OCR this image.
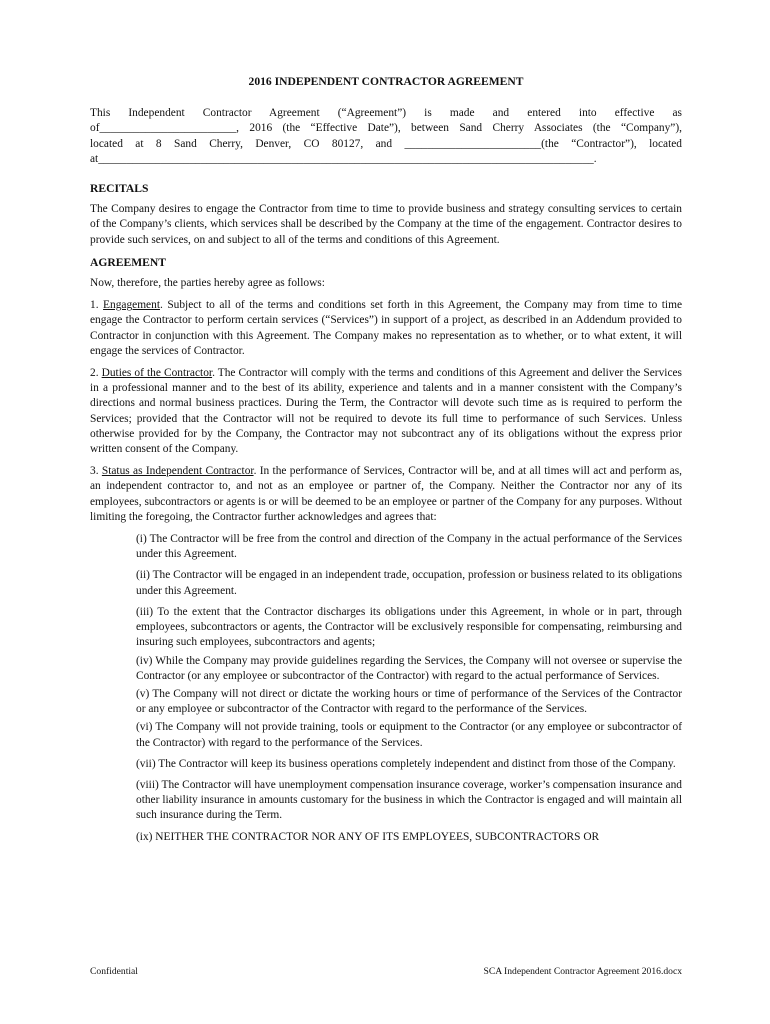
2016 INDEPENDENT CONTRACTOR AGREEMENT

This Independent Contractor Agreement (“Agreement”) is made and entered into effective as
of________________________, 2016 (the “Effective Date”), between Sand Cherry Associates (the “Company”),
located at 8 Sand Cherry, Denver, CO 80127, and ________________________(the “Contractor”), located
at_______________________________________________________________________________________.

RECITALS

The Company desires to engage the Contractor from time to time to provide business and strategy consulting services to certain of the Company’s clients, which services shall be described by the Company at the time of the engagement. Contractor desires to provide such services, on and subject to all of the terms and conditions of this Agreement.

AGREEMENT

Now, therefore, the parties hereby agree as follows:

1. Engagement. Subject to all of the terms and conditions set forth in this Agreement, the Company may from time to time engage the Contractor to perform certain services (“Services”) in support of a project, as described in an Addendum provided to Contractor in conjunction with this Agreement. The Company makes no representation as to whether, or to what extent, it will engage the services of Contractor.

2. Duties of the Contractor. The Contractor will comply with the terms and conditions of this Agreement and deliver the Services in a professional manner and to the best of its ability, experience and talents and in a manner consistent with the Company’s directions and normal business practices. During the Term, the Contractor will devote such time as is required to perform the Services; provided that the Contractor will not be required to devote its full time to performance of such Services. Unless otherwise provided for by the Company, the Contractor may not subcontract any of its obligations without the express prior written consent of the Company.

3. Status as Independent Contractor. In the performance of Services, Contractor will be, and at all times will act and perform as, an independent contractor to, and not as an employee or partner of, the Company. Neither the Contractor nor any of its employees, subcontractors or agents is or will be deemed to be an employee or partner of the Company for any purposes. Without limiting the foregoing, the Contractor further acknowledges and agrees that:

(i) The Contractor will be free from the control and direction of the Company in the actual performance of the Services under this Agreement.

(ii) The Contractor will be engaged in an independent trade, occupation, profession or business related to its obligations under this Agreement.

(iii) To the extent that the Contractor discharges its obligations under this Agreement, in whole or in part, through employees, subcontractors or agents, the Contractor will be exclusively responsible for compensating, reimbursing and insuring such employees, subcontractors and agents;

(iv) While the Company may provide guidelines regarding the Services, the Company will not oversee or supervise the Contractor (or any employee or subcontractor of the Contractor) with regard to the actual performance of Services.

(v) The Company will not direct or dictate the working hours or time of performance of the Services of the Contractor or any employee or subcontractor of the Contractor with regard to the performance of the Services.

(vi) The Company will not provide training, tools or equipment to the Contractor (or any employee or subcontractor of the Contractor) with regard to the performance of the Services.

(vii) The Contractor will keep its business operations completely independent and distinct from those of the Company.

(viii) The Contractor will have unemployment compensation insurance coverage, worker’s compensation insurance and other liability insurance in amounts customary for the business in which the Contractor is engaged and will maintain all such insurance during the Term.

(ix) NEITHER THE CONTRACTOR NOR ANY OF ITS EMPLOYEES, SUBCONTRACTORS OR

Confidential	SCA Independent Contractor Agreement 2016.docx
